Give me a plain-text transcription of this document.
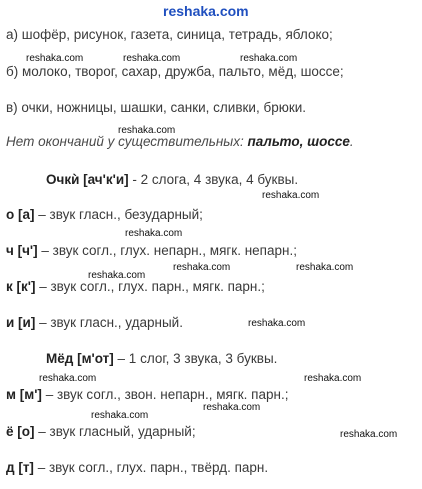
reshaka.com
а) шофёр, рисунок, газета, синица, тетрадь, яблоко;
reshaka.com	reshaka.com	reshaka.com
б) молоко, творог, сахар, дружба, пальто, мёд, шоссе;
в) очки, ножницы, шашки, санки, сливки, брюки.
reshaka.com
Нет окончаний у существительных: пальто, шоссе.
Очкѝ [ач'к'и] - 2 слога, 4 звука, 4 буквы.
reshaka.com
о [а] – звук гласн., безударный;
reshaka.com
ч [ч'] – звук согл., глух. непарн., мягк. непарн.;
reshaka.com	reshaka.com
reshaka.com
к [к'] – звук согл., глух. парн., мягк. парн.;
и [и] – звук гласн., ударный.	reshaka.com
Мёд [м'от] – 1 слог, 3 звука, 3 буквы.
reshaka.com	reshaka.com
м [м'] – звук согл., звон. непарн., мягк. парн.;
reshaka.com
reshaka.com
ё [о] – звук гласный, ударный;	reshaka.com
д [т] – звук согл., глух. парн., твёрд. парн.
